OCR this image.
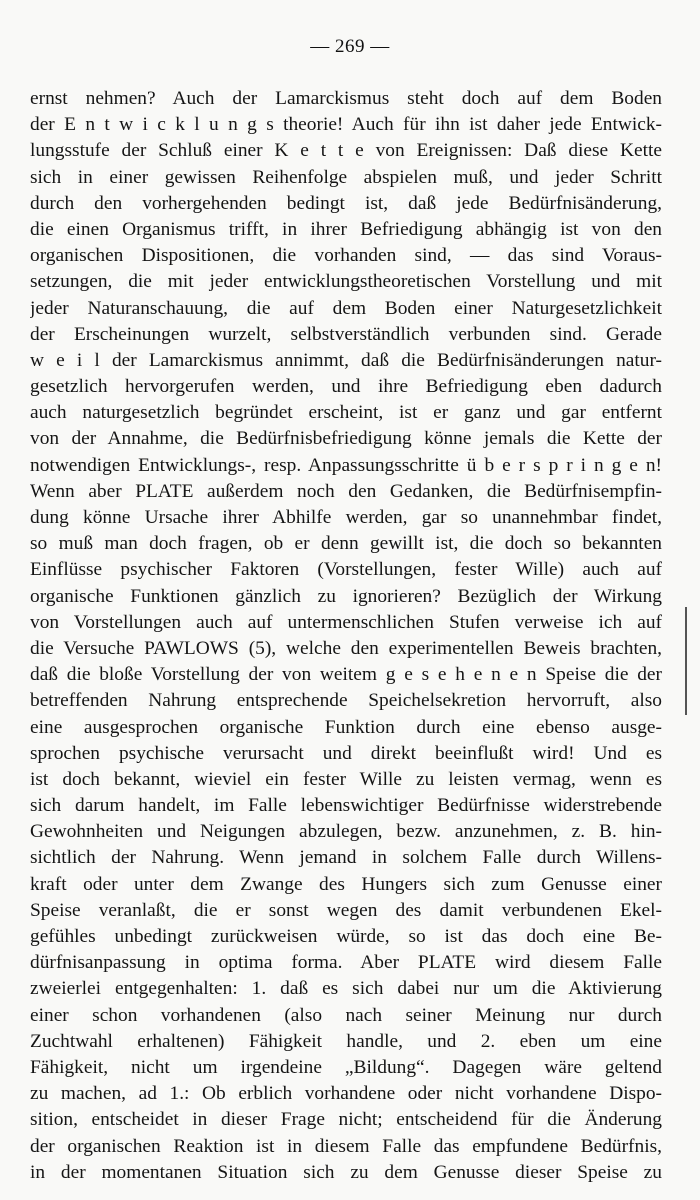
— 269 —
ernst nehmen? Auch der Lamarckismus steht doch auf dem Boden
der E n t w i c k l u n g s theorie! Auch für ihn ist daher jede Entwick-
lungsstufe der Schluß einer K e t t e von Ereignissen: Daß diese Kette
sich in einer gewissen Reihenfolge abspielen muß, und jeder Schritt
durch den vorhergehenden bedingt ist, daß jede Bedürfnisänderung,
die einen Organismus trifft, in ihrer Befriedigung abhängig ist von den
organischen Dispositionen, die vorhanden sind, — das sind Voraus-
setzungen, die mit jeder entwicklungstheoretischen Vorstellung und mit
jeder Naturanschauung, die auf dem Boden einer Naturgesetzlichkeit
der Erscheinungen wurzelt, selbstverständlich verbunden sind. Gerade
w e i l der Lamarckismus annimmt, daß die Bedürfnisänderungen natur-
gesetzlich hervorgerufen werden, und ihre Befriedigung eben dadurch
auch naturgesetzlich begründet erscheint, ist er ganz und gar entfernt
von der Annahme, die Bedürfnisbefriedigung könne jemals die Kette der
notwendigen Entwicklungs-, resp. Anpassungsschritte ü b e r s p r i n g e n!
Wenn aber PLATE außerdem noch den Gedanken, die Bedürfnisempfin-
dung könne Ursache ihrer Abhilfe werden, gar so unannehmbar findet,
so muß man doch fragen, ob er denn gewillt ist, die doch so bekannten
Einflüsse psychischer Faktoren (Vorstellungen, fester Wille) auch auf
organische Funktionen gänzlich zu ignorieren? Bezüglich der Wirkung
von Vorstellungen auch auf untermenschlichen Stufen verweise ich auf
die Versuche PAWLOWS (5), welche den experimentellen Beweis brachten,
daß die bloße Vorstellung der von weitem g e s e h e n e n Speise die der
betreffenden Nahrung entsprechende Speichelsekretion hervorruft, also
eine ausgesprochen organische Funktion durch eine ebenso ausge-
sprochen psychische verursacht und direkt beeinflußt wird! Und es
ist doch bekannt, wieviel ein fester Wille zu leisten vermag, wenn es
sich darum handelt, im Falle lebenswichtiger Bedürfnisse widerstrebende
Gewohnheiten und Neigungen abzulegen, bezw. anzunehmen, z. B. hin-
sichtlich der Nahrung. Wenn jemand in solchem Falle durch Willens-
kraft oder unter dem Zwange des Hungers sich zum Genusse einer
Speise veranlaßt, die er sonst wegen des damit verbundenen Ekel-
gefühles unbedingt zurückweisen würde, so ist das doch eine Be-
dürfnisanpassung in optima forma. Aber PLATE wird diesem Falle
zweierlei entgegenhalten: 1. daß es sich dabei nur um die Aktivierung
einer schon vorhandenen (also nach seiner Meinung nur durch
Zuchtwahl erhaltenen) Fähigkeit handle, und 2. eben um eine
Fähigkeit, nicht um irgendeine „Bildung“. Dagegen wäre geltend
zu machen, ad 1.: Ob erblich vorhandene oder nicht vorhandene Dispo-
sition, entscheidet in dieser Frage nicht; entscheidend für die Änderung
der organischen Reaktion ist in diesem Falle das empfundene Bedürfnis,
in der momentanen Situation sich zu dem Genusse dieser Speise zu
